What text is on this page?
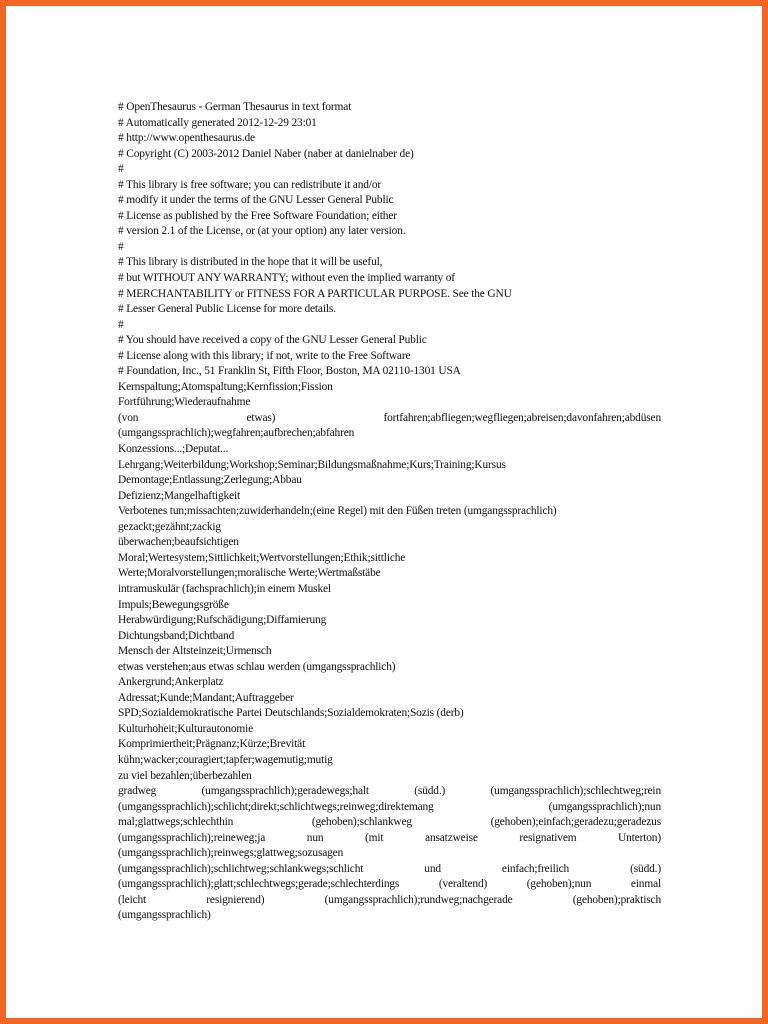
# OpenThesaurus - German Thesaurus in text format
# Automatically generated 2012-12-29 23:01
# http://www.openthesaurus.de
# Copyright (C) 2003-2012 Daniel Naber (naber at danielnaber de)
#
# This library is free software; you can redistribute it and/or
# modify it under the terms of the GNU Lesser General Public
# License as published by the Free Software Foundation; either
# version 2.1 of the License, or (at your option) any later version.
#
# This library is distributed in the hope that it will be useful,
# but WITHOUT ANY WARRANTY; without even the implied warranty of
# MERCHANTABILITY or FITNESS FOR A PARTICULAR PURPOSE. See the GNU
# Lesser General Public License for more details.
#
# You should have received a copy of the GNU Lesser General Public
# License along with this library; if not, write to the Free Software
# Foundation, Inc., 51 Franklin St, Fifth Floor, Boston, MA 02110-1301 USA
Kernspaltung;Atomspaltung;Kernfission;Fission
Fortführung;Wiederaufnahme
(von etwas) fortfahren;abfliegen;wegfliegen;abreisen;davonfahren;abdüsen
(umgangssprachlich);wegfahren;aufbrechen;abfahren
Konzessions...;Deputat...
Lehrgang;Weiterbildung;Workshop;Seminar;Bildungsmaßnahme;Kurs;Training;Kursus
Demontage;Entlassung;Zerlegung;Abbau
Defizienz;Mangelhaftigkeit
Verbotenes tun;missachten;zuwiderhandeln;(eine Regel) mit den Füßen treten (umgangssprachlich)
gezackt;gezähnt;zackig
überwachen;beaufsichtigen
Moral;Wertesystem;Sittlichkeit;Wertvorstellungen;Ethik;sittliche
Werte;Moralvorstellungen;moralische Werte;Wertmaßstäbe
intramuskulär (fachsprachlich);in einem Muskel
Impuls;Bewegungsgröße
Herabwürdigung;Rufschädigung;Diffamierung
Dichtungsband;Dichtband
Mensch der Altsteinzeit;Urmensch
etwas verstehen;aus etwas schlau werden (umgangssprachlich)
Ankergrund;Ankerplatz
Adressat;Kunde;Mandant;Auftraggeber
SPD;Sozialdemokratische Partei Deutschlands;Sozialdemokraten;Sozis (derb)
Kulturhoheit;Kulturautonomie
Komprimiertheit;Prägnanz;Kürze;Brevität
kühn;wacker;couragiert;tapfer;wagemutig;mutig
zu viel bezahlen;überbezahlen
gradweg (umgangssprachlich);geradewegs;halt (südd.) (umgangssprachlich);schlechtweg;rein
(umgangssprachlich);schlicht;direkt;schlichtwegs;reinweg;direktemang (umgangssprachlich);nun
mal;glattwegs;schlechthin (gehoben);schlankweg (gehoben);einfach;geradezu;geradezus
(umgangssprachlich);reineweg;ja nun (mit ansatzweise resignativem Unterton)
(umgangssprachlich);reinwegs;glattweg;sozusagen
(umgangssprachlich);schlichtweg;schlankwegs;schlicht und einfach;freilich (südd.)
(umgangssprachlich);glatt;schlechtwegs;gerade;schlechterdings (veraltend) (gehoben);nun einmal
(leicht resignierend) (umgangssprachlich);rundweg;nachgerade (gehoben);praktisch
(umgangssprachlich)
